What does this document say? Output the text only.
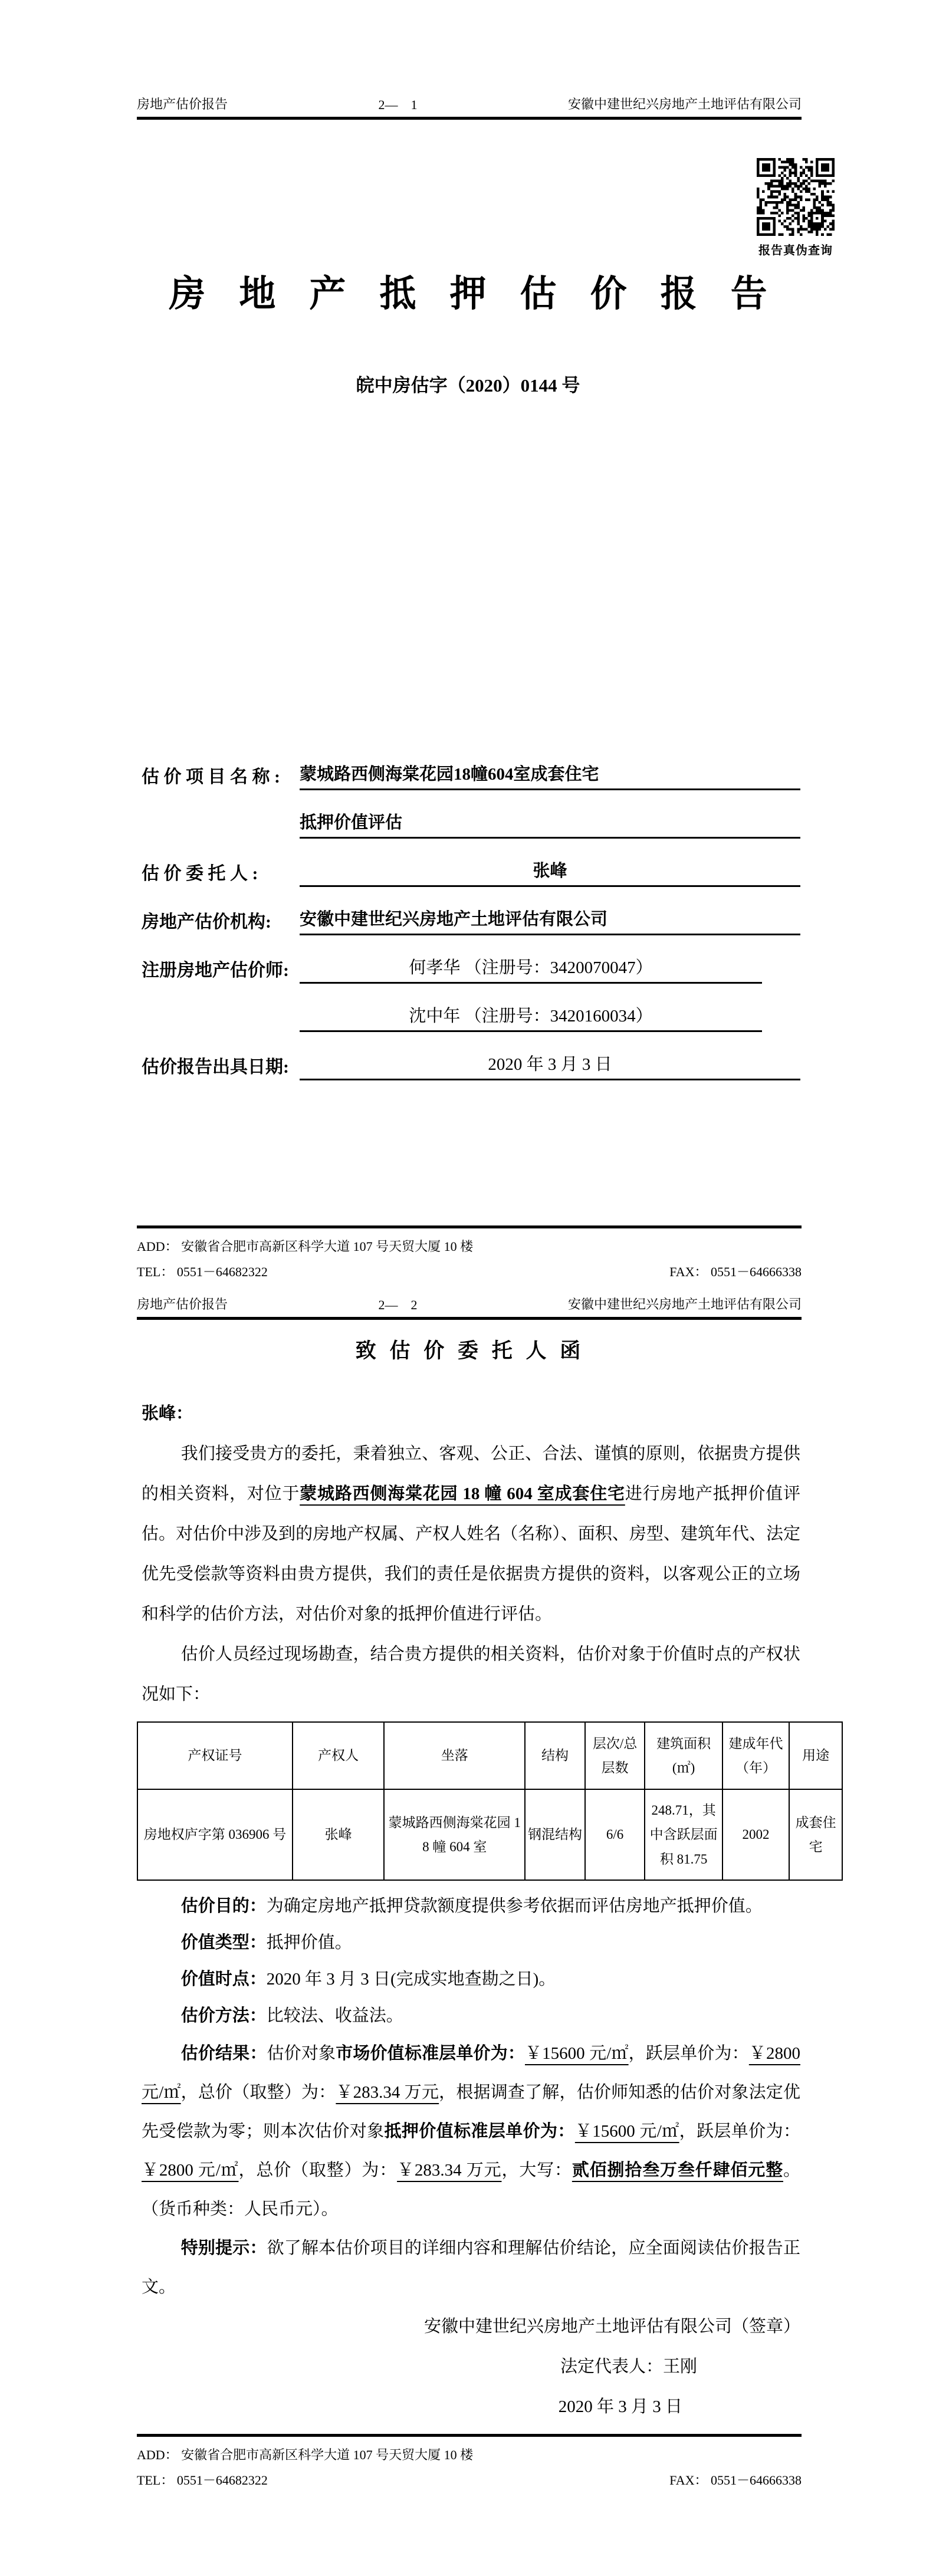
房地产估价报告	2—    1	安徽中建世纪兴房地产土地评估有限公司
报告真伪查询
房地产抵押估价报告
皖中房估字（2020）0144 号
估 价 项 目 名 称 :	蒙城路西侧海棠花园18幢604室成套住宅
抵押价值评估
估 价 委 托 人 :	张峰
房地产估价机构:	安徽中建世纪兴房地产土地评估有限公司
注册房地产估价师:	何孝华 （注册号：3420070047）
沈中年 （注册号：3420160034）
估价报告出具日期:	2020 年 3 月 3 日
ADD： 安徽省合肥市高新区科学大道 107 号天贸大厦 10 楼
TEL： 0551－64682322	FAX： 0551－64666338
房地产估价报告	2—    2	安徽中建世纪兴房地产土地评估有限公司
致估价委托人函
张峰：
我们接受贵方的委托，秉着独立、客观、公正、合法、谨慎的原则，依据贵方提供的相关资料，对位于蒙城路西侧海棠花园 18 幢 604 室成套住宅进行房地产抵押价值评估。对估价中涉及到的房地产权属、产权人姓名（名称）、面积、房型、建筑年代、法定优先受偿款等资料由贵方提供，我们的责任是依据贵方提供的资料，以客观公正的立场和科学的估价方法，对估价对象的抵押价值进行评估。
估价人员经过现场勘查，结合贵方提供的相关资料，估价对象于价值时点的产权状况如下：
产权证号	产权人	坐落	结构	层次/总层数	建筑面积(㎡)	建成年代（年）	用途
房地权庐字第 036906 号	张峰	蒙城路西侧海棠花园 18 幢 604 室	钢混结构	6/6	248.71，其中含跃层面积 81.75	2002	成套住宅
估价目的：为确定房地产抵押贷款额度提供参考依据而评估房地产抵押价值。
价值类型：抵押价值。
价值时点：2020 年 3 月 3 日(完成实地查勘之日)。
估价方法：比较法、收益法。
估价结果：估价对象市场价值标准层单价为：￥15600 元/㎡，跃层单价为：￥2800 元/㎡，总价（取整）为：￥283.34 万元，根据调查了解，估价师知悉的估价对象法定优先受偿款为零；则本次估价对象抵押价值标准层单价为：￥15600 元/㎡，跃层单价为：￥2800 元/㎡，总价（取整）为：￥283.34 万元，大写：贰佰捌拾叁万叁仟肆佰元整。（货币种类：人民币元）。
特别提示：欲了解本估价项目的详细内容和理解估价结论，应全面阅读估价报告正文。
安徽中建世纪兴房地产土地评估有限公司（签章）
法定代表人：王刚
2020 年 3 月 3 日
ADD： 安徽省合肥市高新区科学大道 107 号天贸大厦 10 楼
TEL： 0551－64682322	FAX： 0551－64666338
